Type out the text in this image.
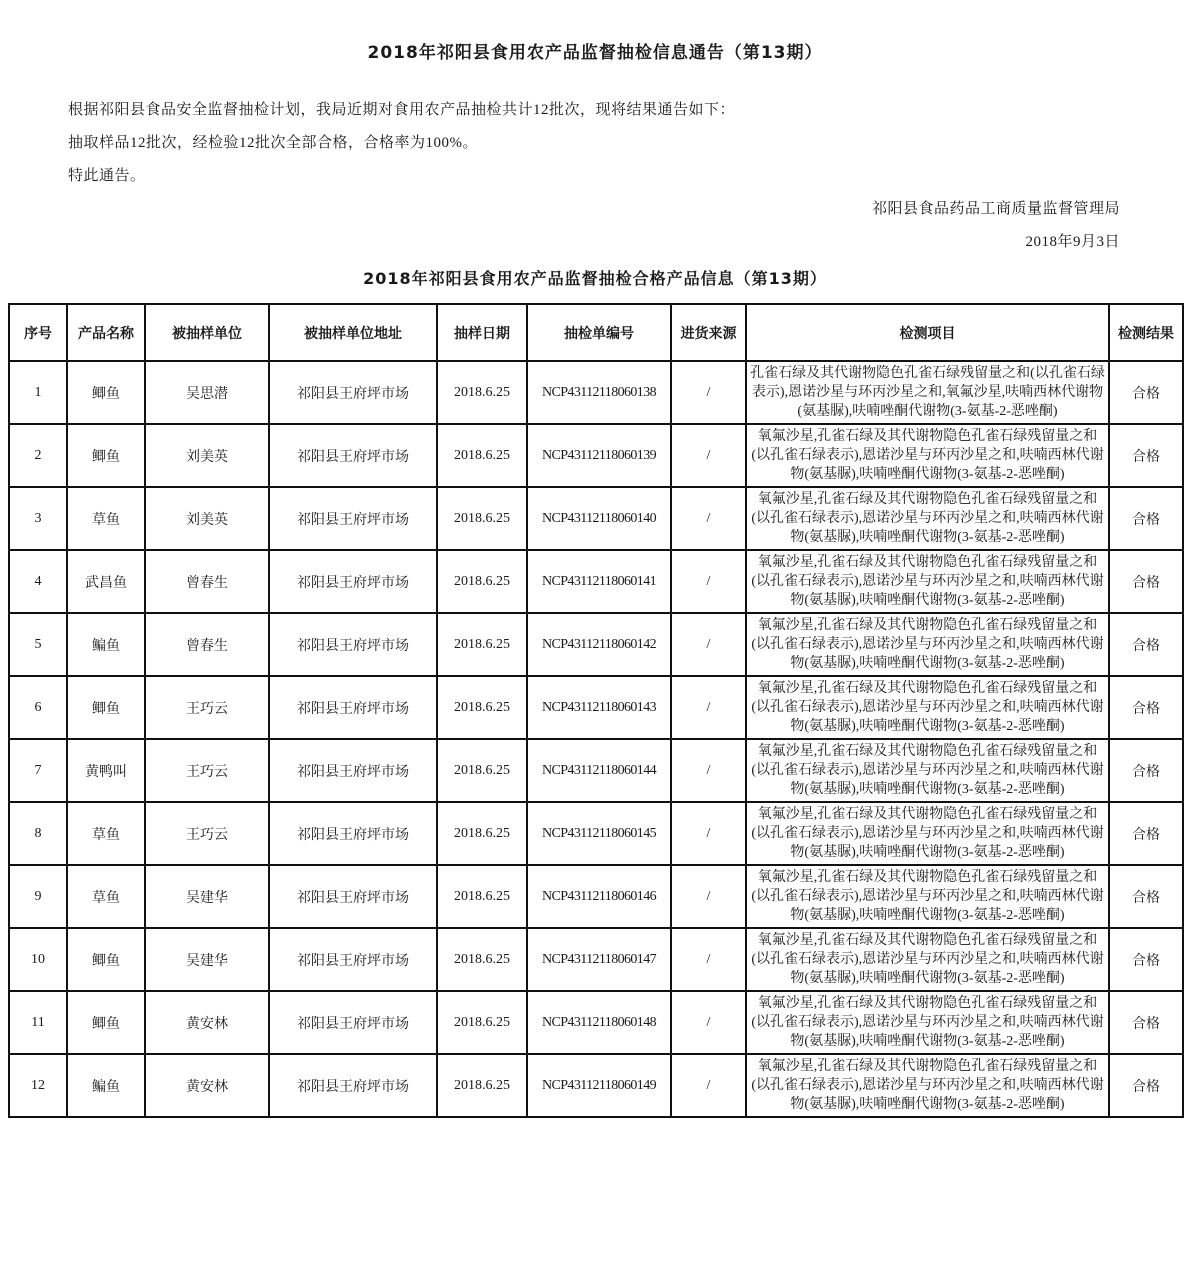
2018年祁阳县食用农产品监督抽检信息通告（第13期）

根据祁阳县食品安全监督抽检计划，我局近期对食用农产品抽检共计12批次，现将结果通告如下：

抽取样品12批次，经检验12批次全部合格，合格率为100%。

特此通告。

祁阳县食品药品工商质量监督管理局
2018年9月3日
2018年祁阳县食用农产品监督抽检合格产品信息（第13期）
序号	产品名称	被抽样单位	被抽样单位地址	抽样日期	抽检单编号	进货来源	检测项目	检测结果
1	鲫鱼	吴思潜	祁阳县王府坪市场	2018.6.25	NCP43112118060138	/	孔雀石绿及其代谢物隐色孔雀石绿残留量之和(以孔雀石绿表示),恩诺沙星与环丙沙星之和,氧氟沙星,呋喃西林代谢物(氨基脲),呋喃唑酮代谢物(3-氨基-2-恶唑酮)	合格
2	鲫鱼	刘美英	祁阳县王府坪市场	2018.6.25	NCP43112118060139	/	氧氟沙星,孔雀石绿及其代谢物隐色孔雀石绿残留量之和(以孔雀石绿表示),恩诺沙星与环丙沙星之和,呋喃西林代谢物(氨基脲),呋喃唑酮代谢物(3-氨基-2-恶唑酮)	合格
3	草鱼	刘美英	祁阳县王府坪市场	2018.6.25	NCP43112118060140	/	氧氟沙星,孔雀石绿及其代谢物隐色孔雀石绿残留量之和(以孔雀石绿表示),恩诺沙星与环丙沙星之和,呋喃西林代谢物(氨基脲),呋喃唑酮代谢物(3-氨基-2-恶唑酮)	合格
4	武昌鱼	曾春生	祁阳县王府坪市场	2018.6.25	NCP43112118060141	/	氧氟沙星,孔雀石绿及其代谢物隐色孔雀石绿残留量之和(以孔雀石绿表示),恩诺沙星与环丙沙星之和,呋喃西林代谢物(氨基脲),呋喃唑酮代谢物(3-氨基-2-恶唑酮)	合格
5	鳊鱼	曾春生	祁阳县王府坪市场	2018.6.25	NCP43112118060142	/	氧氟沙星,孔雀石绿及其代谢物隐色孔雀石绿残留量之和(以孔雀石绿表示),恩诺沙星与环丙沙星之和,呋喃西林代谢物(氨基脲),呋喃唑酮代谢物(3-氨基-2-恶唑酮)	合格
6	鲫鱼	王巧云	祁阳县王府坪市场	2018.6.25	NCP43112118060143	/	氧氟沙星,孔雀石绿及其代谢物隐色孔雀石绿残留量之和(以孔雀石绿表示),恩诺沙星与环丙沙星之和,呋喃西林代谢物(氨基脲),呋喃唑酮代谢物(3-氨基-2-恶唑酮)	合格
7	黄鸭叫	王巧云	祁阳县王府坪市场	2018.6.25	NCP43112118060144	/	氧氟沙星,孔雀石绿及其代谢物隐色孔雀石绿残留量之和(以孔雀石绿表示),恩诺沙星与环丙沙星之和,呋喃西林代谢物(氨基脲),呋喃唑酮代谢物(3-氨基-2-恶唑酮)	合格
8	草鱼	王巧云	祁阳县王府坪市场	2018.6.25	NCP43112118060145	/	氧氟沙星,孔雀石绿及其代谢物隐色孔雀石绿残留量之和(以孔雀石绿表示),恩诺沙星与环丙沙星之和,呋喃西林代谢物(氨基脲),呋喃唑酮代谢物(3-氨基-2-恶唑酮)	合格
9	草鱼	吴建华	祁阳县王府坪市场	2018.6.25	NCP43112118060146	/	氧氟沙星,孔雀石绿及其代谢物隐色孔雀石绿残留量之和(以孔雀石绿表示),恩诺沙星与环丙沙星之和,呋喃西林代谢物(氨基脲),呋喃唑酮代谢物(3-氨基-2-恶唑酮)	合格
10	鲫鱼	吴建华	祁阳县王府坪市场	2018.6.25	NCP43112118060147	/	氧氟沙星,孔雀石绿及其代谢物隐色孔雀石绿残留量之和(以孔雀石绿表示),恩诺沙星与环丙沙星之和,呋喃西林代谢物(氨基脲),呋喃唑酮代谢物(3-氨基-2-恶唑酮)	合格
11	鲫鱼	黄安林	祁阳县王府坪市场	2018.6.25	NCP43112118060148	/	氧氟沙星,孔雀石绿及其代谢物隐色孔雀石绿残留量之和(以孔雀石绿表示),恩诺沙星与环丙沙星之和,呋喃西林代谢物(氨基脲),呋喃唑酮代谢物(3-氨基-2-恶唑酮)	合格
12	鳊鱼	黄安林	祁阳县王府坪市场	2018.6.25	NCP43112118060149	/	氧氟沙星,孔雀石绿及其代谢物隐色孔雀石绿残留量之和(以孔雀石绿表示),恩诺沙星与环丙沙星之和,呋喃西林代谢物(氨基脲),呋喃唑酮代谢物(3-氨基-2-恶唑酮)	合格
